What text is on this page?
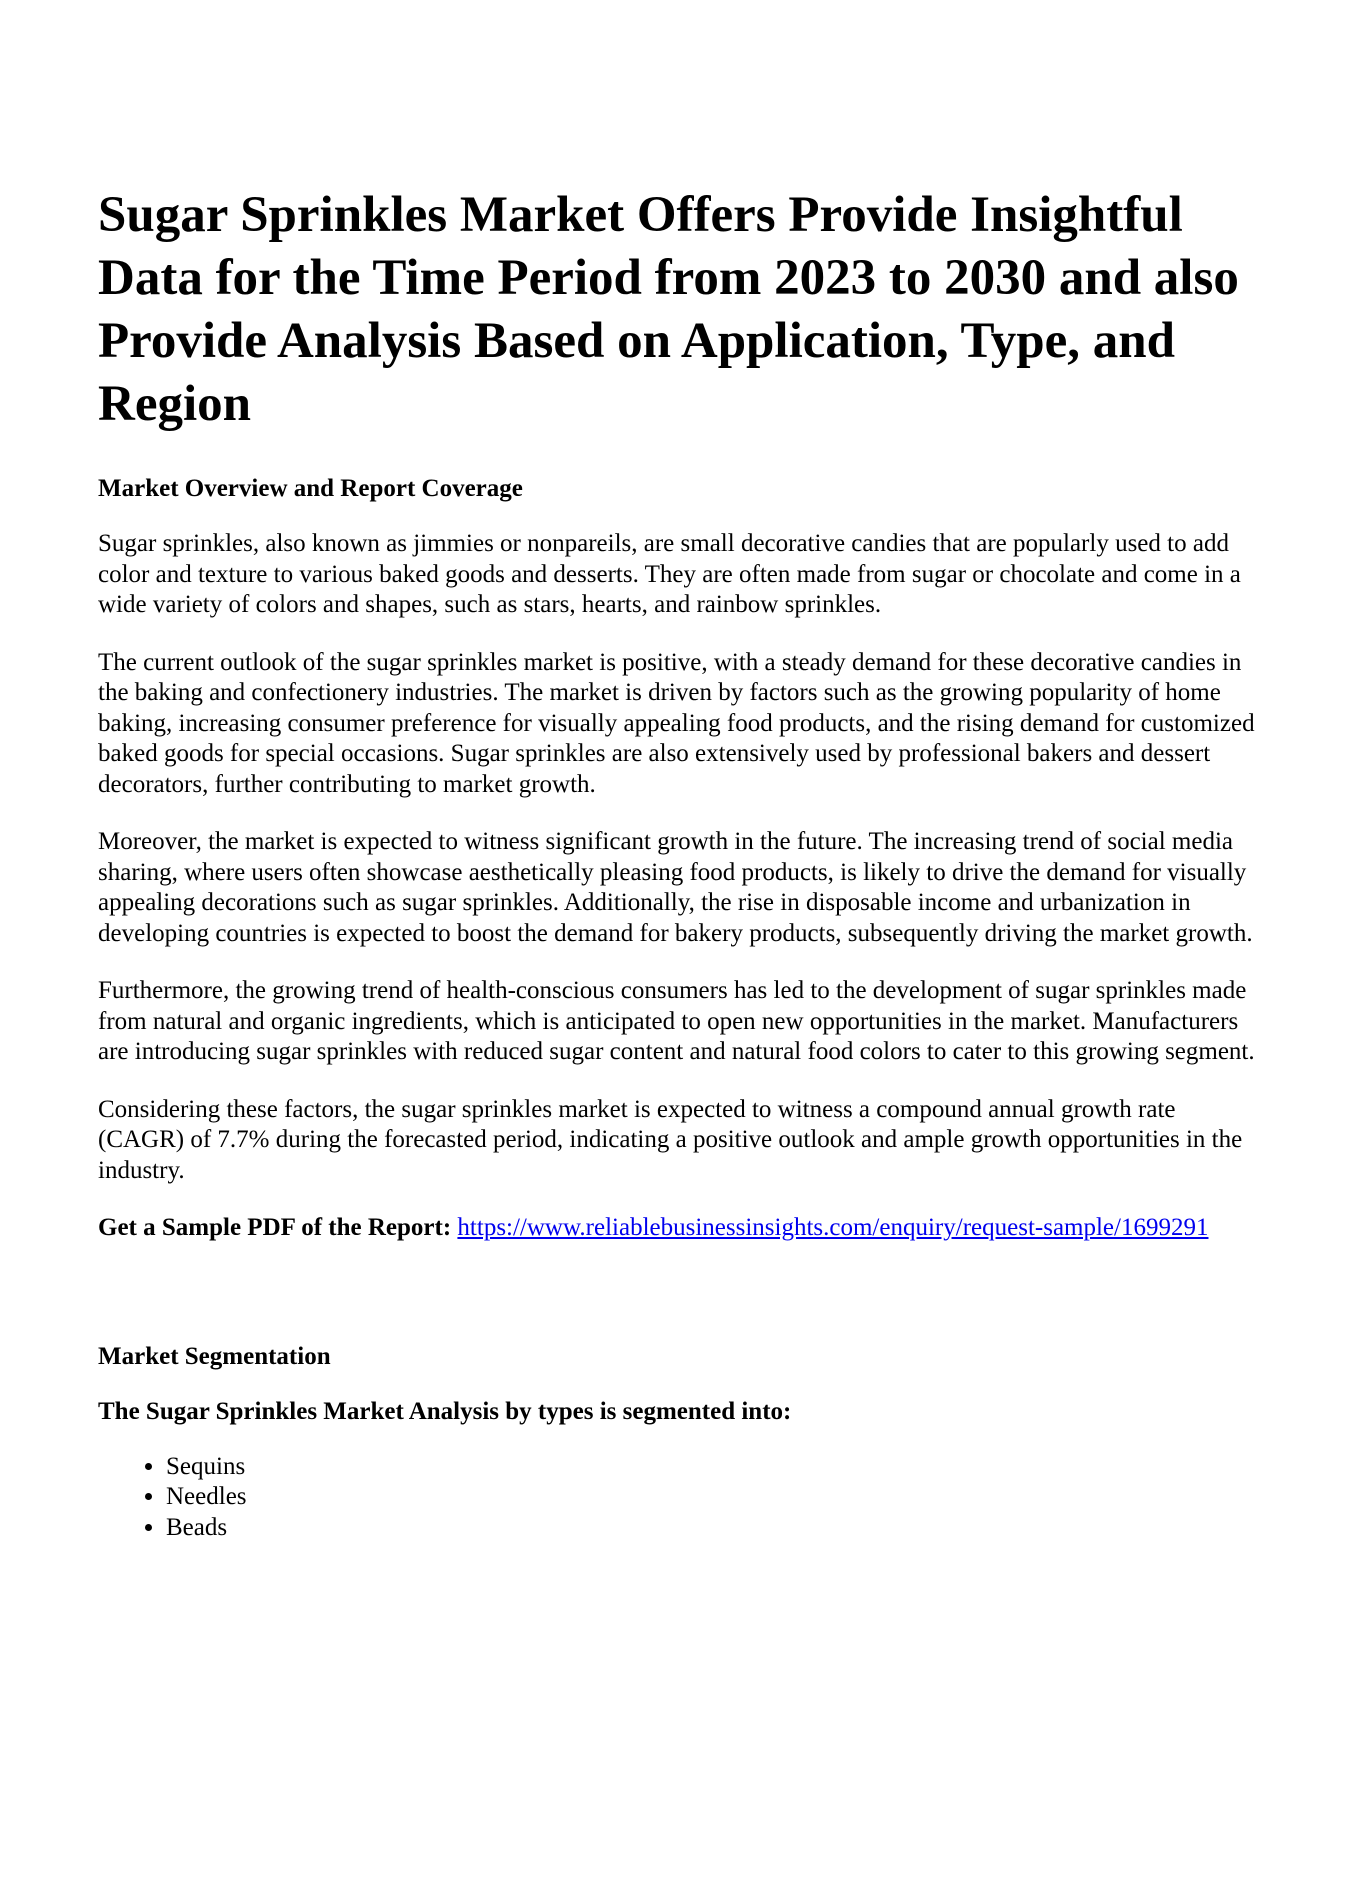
Sugar Sprinkles Market Offers Provide Insightful Data for the Time Period from 2023 to 2030 and also Provide Analysis Based on Application, Type, and Region
Market Overview and Report Coverage

Sugar sprinkles, also known as jimmies or nonpareils, are small decorative candies that are popularly used to add color and texture to various baked goods and desserts. They are often made from sugar or chocolate and come in a wide variety of colors and shapes, such as stars, hearts, and rainbow sprinkles.

The current outlook of the sugar sprinkles market is positive, with a steady demand for these decorative candies in the baking and confectionery industries. The market is driven by factors such as the growing popularity of home baking, increasing consumer preference for visually appealing food products, and the rising demand for customized baked goods for special occasions. Sugar sprinkles are also extensively used by professional bakers and dessert decorators, further contributing to market growth.

Moreover, the market is expected to witness significant growth in the future. The increasing trend of social media sharing, where users often showcase aesthetically pleasing food products, is likely to drive the demand for visually appealing decorations such as sugar sprinkles. Additionally, the rise in disposable income and urbanization in developing countries is expected to boost the demand for bakery products, subsequently driving the market growth.

Furthermore, the growing trend of health-conscious consumers has led to the development of sugar sprinkles made from natural and organic ingredients, which is anticipated to open new opportunities in the market. Manufacturers are introducing sugar sprinkles with reduced sugar content and natural food colors to cater to this growing segment.

Considering these factors, the sugar sprinkles market is expected to witness a compound annual growth rate (CAGR) of 7.7% during the forecasted period, indicating a positive outlook and ample growth opportunities in the industry.

Get a Sample PDF of the Report: https://www.reliablebusinessinsights.com/enquiry/request-sample/1699291

Market Segmentation
The Sugar Sprinkles Market Analysis by types is segmented into:
• Sequins
• Needles
• Beads
